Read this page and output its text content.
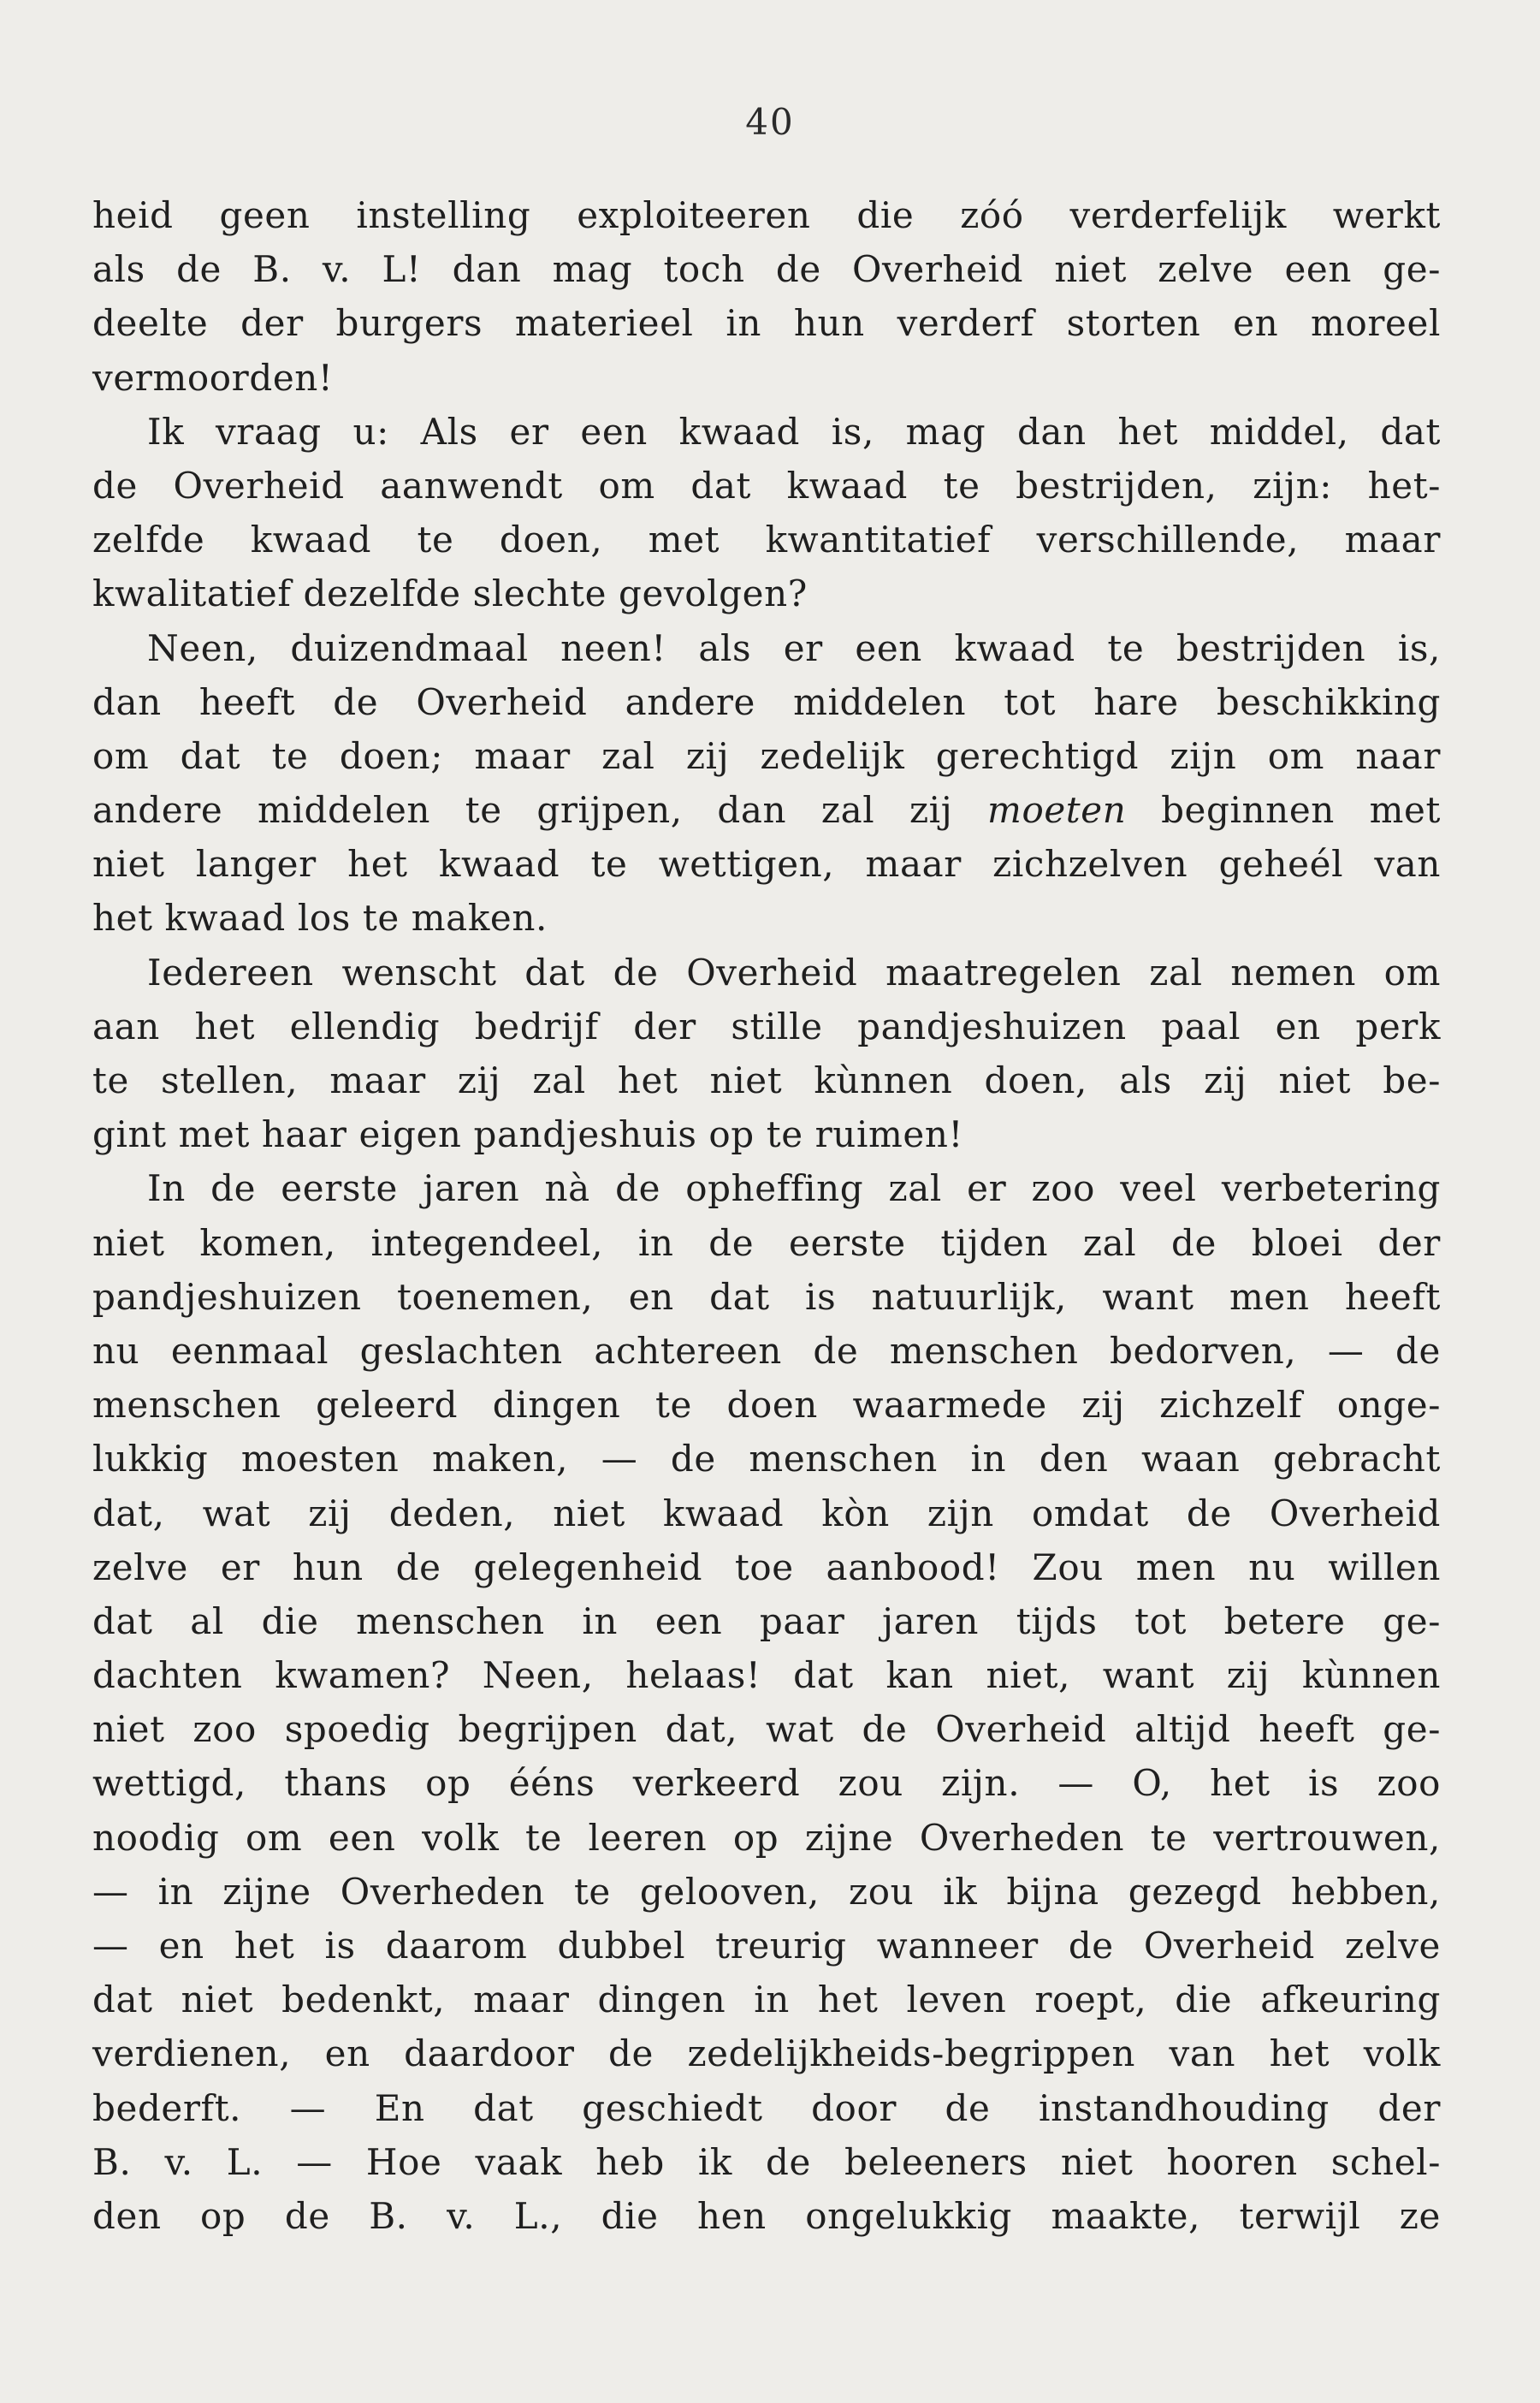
40
heid geen instelling exploiteeren die zóó verderfelijk werkt
als de B. v. L! dan mag toch de Overheid niet zelve een ge-
deelte der burgers materieel in hun verderf storten en moreel
vermoorden!
Ik vraag u: Als er een kwaad is, mag dan het middel, dat
de Overheid aanwendt om dat kwaad te bestrijden, zijn: het-
zelfde kwaad te doen, met kwantitatief verschillende, maar
kwalitatief dezelfde slechte gevolgen?
Neen, duizendmaal neen! als er een kwaad te bestrijden is,
dan heeft de Overheid andere middelen tot hare beschikking
om dat te doen; maar zal zij zedelijk gerechtigd zijn om naar
andere middelen te grijpen, dan zal zij moeten beginnen met
niet langer het kwaad te wettigen, maar zichzelven geheél van
het kwaad los te maken.
Iedereen wenscht dat de Overheid maatregelen zal nemen om
aan het ellendig bedrijf der stille pandjeshuizen paal en perk
te stellen, maar zij zal het niet kùnnen doen, als zij niet be-
gint met haar eigen pandjeshuis op te ruimen!
In de eerste jaren nà de opheffing zal er zoo veel verbetering
niet komen, integendeel, in de eerste tijden zal de bloei der
pandjeshuizen toenemen, en dat is natuurlijk, want men heeft
nu eenmaal geslachten achtereen de menschen bedorven, — de
menschen geleerd dingen te doen waarmede zij zichzelf onge-
lukkig moesten maken, — de menschen in den waan gebracht
dat, wat zij deden, niet kwaad kòn zijn omdat de Overheid
zelve er hun de gelegenheid toe aanbood! Zou men nu willen
dat al die menschen in een paar jaren tijds tot betere ge-
dachten kwamen? Neen, helaas! dat kan niet, want zij kùnnen
niet zoo spoedig begrijpen dat, wat de Overheid altijd heeft ge-
wettigd, thans op ééns verkeerd zou zijn. — O, het is zoo
noodig om een volk te leeren op zijne Overheden te vertrouwen,
— in zijne Overheden te gelooven, zou ik bijna gezegd hebben,
— en het is daarom dubbel treurig wanneer de Overheid zelve
dat niet bedenkt, maar dingen in het leven roept, die afkeuring
verdienen, en daardoor de zedelijkheids-begrippen van het volk
bederft. — En dat geschiedt door de instandhouding der
B. v. L. — Hoe vaak heb ik de beleeners niet hooren schel-
den op de B. v. L., die hen ongelukkig maakte, terwijl ze
